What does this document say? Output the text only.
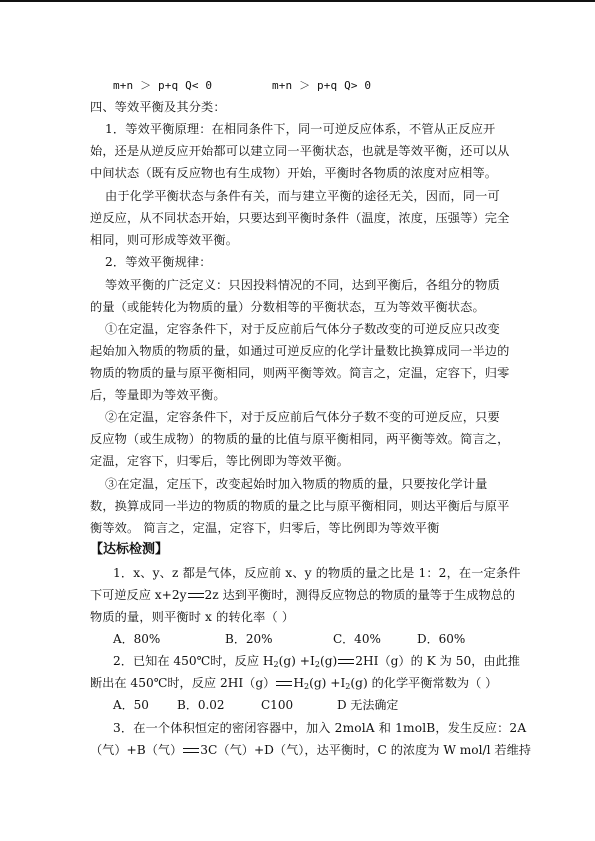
m+n ＞ p+q Q< 0	m+n ＞ p+q Q> 0
四、等效平衡及其分类：
1．等效平衡原理：在相同条件下，同一可逆反应体系，不管从正反应开
始，还是从逆反应开始都可以建立同一平衡状态，也就是等效平衡，还可以从
中间状态（既有反应物也有生成物）开始，平衡时各物质的浓度对应相等。
由于化学平衡状态与条件有关，而与建立平衡的途径无关，因而，同一可
逆反应，从不同状态开始，只要达到平衡时条件（温度，浓度，压强等）完全
相同，则可形成等效平衡。
2．等效平衡规律：
等效平衡的广泛定义：只因投料情况的不同，达到平衡后，各组分的物质
的量（或能转化为物质的量）分数相等的平衡状态，互为等效平衡状态。
①在定温，定容条件下，对于反应前后气体分子数改变的可逆反应只改变
起始加入物质的物质的量，如通过可逆反应的化学计量数比换算成同一半边的
物质的物质的量与原平衡相同，则两平衡等效。简言之，定温，定容下，归零
后，等量即为等效平衡。
②在定温，定容条件下，对于反应前后气体分子数不变的可逆反应，只要
反应物（或生成物）的物质的量的比值与原平衡相同，两平衡等效。简言之，
定温，定容下，归零后，等比例即为等效平衡。
③在定温，定压下，改变起始时加入物质的物质的量，只要按化学计量
数，换算成同一半边的物质的物质的量之比与原平衡相同，则达平衡后与原平
衡等效。 简言之，定温，定容下，归零后，等比例即为等效平衡
【达标检测】
1．x、y、z 都是气体，反应前 x、y 的物质的量之比是 1：2，在一定条件
下可逆反应 x+2y 2z 达到平衡时，测得反应物总的物质的量等于生成物总的
物质的量，则平衡时 x 的转化率（ ）
A．80%	B．20%	C．40%	D．60%
2．已知在 450℃时，反应 $H_2(g) +I_2(g)$ 2HI（g）的 K 为 50，由此推
断出在 450℃时，反应 2HI（g） $H_2(g) +I_2(g)$ 的化学平衡常数为（ ）
A．50 B．0.02	C100	D 无法确定
3．在一个体积恒定的密闭容器中，加入 2molA 和 1molB，发生反应：2A
（气）+B（气） 3C（气）+D（气），达平衡时，C 的浓度为 W mol/l 若维持
